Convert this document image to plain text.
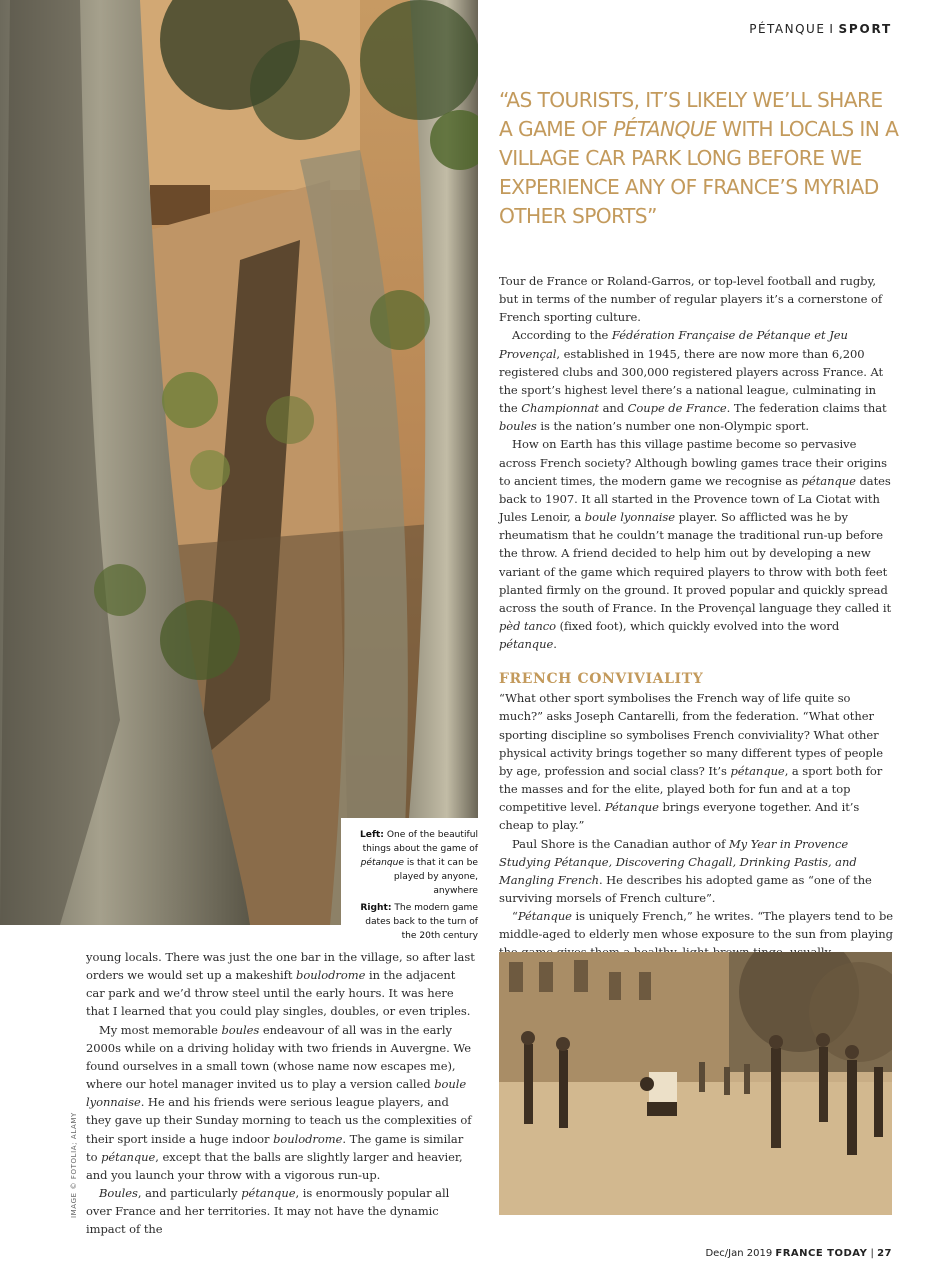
Left: One of the beautiful things about the game of pétanque is that it can be played by anyone, anywhere

Right: The modern game dates back to the turn of the 20th century

PÉTANQUE I SPORT
“AS TOURISTS, IT’S LIKELY WE’LL SHARE A GAME OF PÉTANQUE WITH LOCALS IN A VILLAGE CAR PARK LONG BEFORE WE EXPERIENCE ANY OF FRANCE’S MYRIAD OTHER SPORTS”

Tour de France or Roland-Garros, or top-level football and rugby, but in terms of the number of regular players it’s a cornerstone of French sporting culture.

According to the Fédération Française de Pétanque et Jeu Provençal, established in 1945, there are now more than 6,200 registered clubs and 300,000 registered players across France. At the sport’s highest level there’s a national league, culminating in the Championnat and Coupe de France. The federation claims that boules is the nation’s number one non-Olympic sport.

How on Earth has this village pastime become so pervasive across French society? Although bowling games trace their origins to ancient times, the modern game we recognise as pétanque dates back to 1907. It all started in the Provence town of La Ciotat with Jules Lenoir, a boule lyonnaise player. So afflicted was he by rheumatism that he couldn’t manage the traditional run-up before the throw. A friend decided to help him out by developing a new variant of the game which required players to throw with both feet planted firmly on the ground. It proved popular and quickly spread across the south of France. In the Provençal language they called it pèd tanco (fixed foot), which quickly evolved into the word pétanque.

FRENCH CONVIVIALITY

“What other sport symbolises the French way of life quite so much?” asks Joseph Cantarelli, from the federation. “What other sporting discipline so symbolises French conviviality? What other physical activity brings together so many different types of people by age, profession and social class? It’s pétanque, a sport both for the masses and for the elite, played both for fun and at a top competitive level. Pétanque brings everyone together. And it’s cheap to play.”

Paul Shore is the Canadian author of My Year in Provence Studying Pétanque, Discovering Chagall, Drinking Pastis, and Mangling French. He describes his adopted game as “one of the surviving morsels of French culture”.

“Pétanque is uniquely French,” he writes. “The players tend to be middle-aged to elderly men whose exposure to the sun from playing

young locals. There was just the one bar in the village, so after last orders we would set up a makeshift boulodrome in the adjacent car park and we’d throw steel until the early hours. It was here that I learned that you could play singles, doubles, or even triples.

My most memorable boules endeavour of all was in the early 2000s while on a driving holiday with two friends in Auvergne. We found ourselves in a small town (whose name now escapes me), where our hotel manager invited us to play a version called boule lyonnaise. He and his friends were serious league players, and they gave up their Sunday morning to teach us the complexities of their sport inside a huge indoor boulodrome. The game is similar to pétanque, except that the balls are slightly larger and heavier, and you launch your throw with a vigorous run-up.

Boules, and particularly pétanque, is enormously popular all over France and her territories. It may not have the dynamic impact of the

IMAGE © FOTOLIA; ALAMY
Dec/Jan 2019 FRANCE TODAY | 27
